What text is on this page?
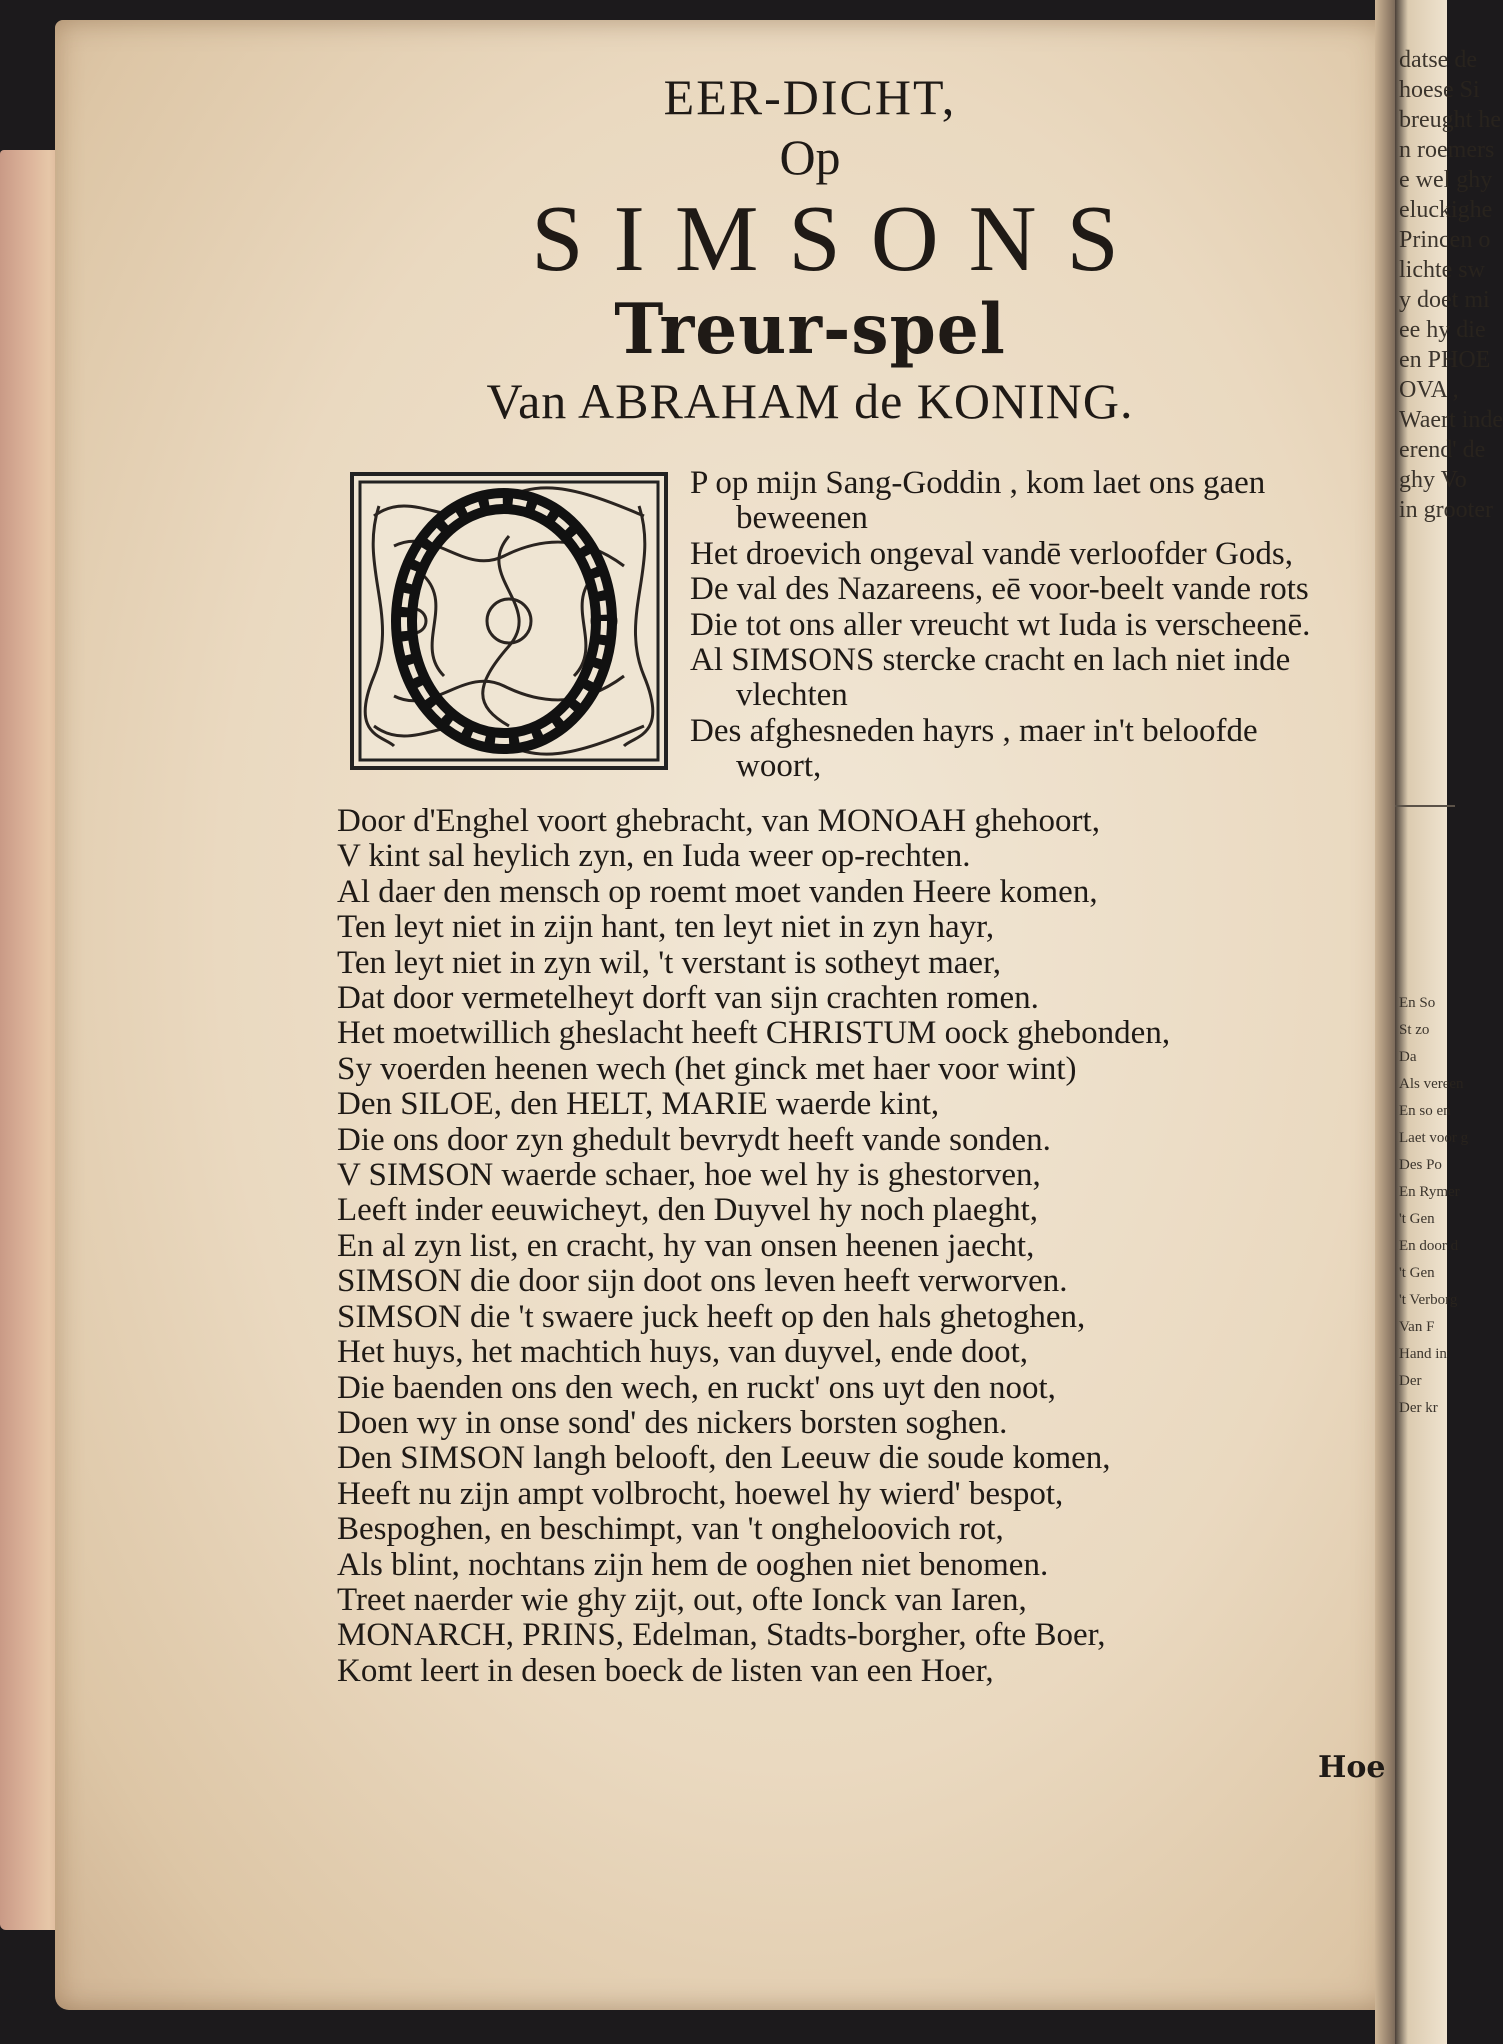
datse de
hoese Si
breught he
n roemers
e wel ghy
eluckighe
Princen o
lichte sw
y doet mi
ee hy die
en PHOE
OVA ,
Waert inde
erend' de
ghy Vo
in grooter
En So
St zo
Da
Als vereen
En so en
Laet voor g
Des Po
En Rymer
't Gen
En door d
't Gen
't Verborg
Van F
Hand in
Der
Der kr
EER-DICHT,
Op
SIMSONS
Treur-spel
Van ABRAHAM de KONING.
P op mijn Sang-Goddin , kom laet ons gaen
beweenen
Het droevich ongeval vandē verloofder Gods,
De val des Nazareens, eē voor-beelt vande rots
Die tot ons aller vreucht wt Iuda is verscheenē.
Al SIMSONS stercke cracht en lach niet inde
vlechten
Des afghesneden hayrs , maer in't beloofde
woort,
Door d'Enghel voort ghebracht, van MONOAH ghehoort,
V kint sal heylich zyn, en Iuda weer op-rechten.
Al daer den mensch op roemt moet vanden Heere komen,
Ten leyt niet in zijn hant, ten leyt niet in zyn hayr,
Ten leyt niet in zyn wil, 't verstant is sotheyt maer,
Dat door vermetelheyt dorft van sijn crachten romen.
Het moetwillich gheslacht heeft CHRISTUM oock ghebonden,
Sy voerden heenen wech (het ginck met haer voor wint)
Den SILOE, den HELT, MARIE waerde kint,
Die ons door zyn ghedult bevrydt heeft vande sonden.
V SIMSON waerde schaer, hoe wel hy is ghestorven,
Leeft inder eeuwicheyt, den Duyvel hy noch plaeght,
En al zyn list, en cracht, hy van onsen heenen jaecht,
SIMSON die door sijn doot ons leven heeft verworven.
SIMSON die 't swaere juck heeft op den hals ghetoghen,
Het huys, het machtich huys, van duyvel, ende doot,
Die baenden ons den wech, en ruckt' ons uyt den noot,
Doen wy in onse sond' des nickers borsten soghen.
Den SIMSON langh belooft, den Leeuw die soude komen,
Heeft nu zijn ampt volbrocht, hoewel hy wierd' bespot,
Bespoghen, en beschimpt, van 't ongheloovich rot,
Als blint, nochtans zijn hem de ooghen niet benomen.
Treet naerder wie ghy zijt, out, ofte Ionck van Iaren,
MONARCH, PRINS, Edelman, Stadts-borgher, ofte Boer,
Komt leert in desen boeck de listen van een Hoer,
Hoe
